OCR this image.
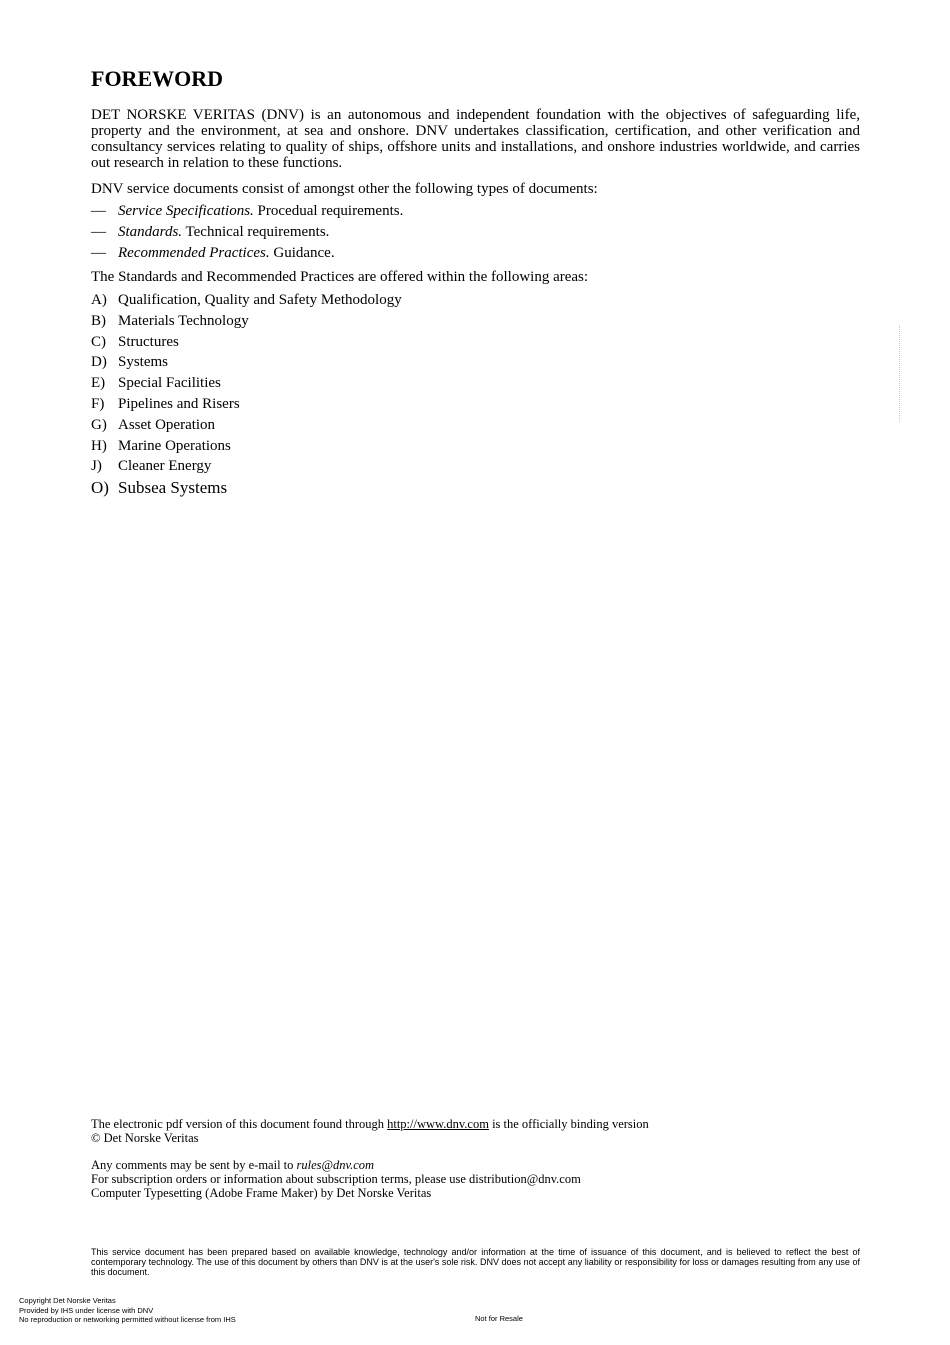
FOREWORD

DET NORSKE VERITAS (DNV) is an autonomous and independent foundation with the objectives of safeguarding life, property and the environment, at sea and onshore. DNV undertakes classification, certification, and other verification and consultancy services relating to quality of ships, offshore units and installations, and onshore industries worldwide, and carries out research in relation to these functions.

DNV service documents consist of amongst other the following types of documents:

— Service Specifications. Procedual requirements.
— Standards. Technical requirements.
— Recommended Practices. Guidance.

The Standards and Recommended Practices are offered within the following areas:

A) Qualification, Quality and Safety Methodology
B) Materials Technology
C) Structures
D) Systems
E) Special Facilities
F) Pipelines and Risers
G) Asset Operation
H) Marine Operations
J) Cleaner Energy
O) Subsea Systems

The electronic pdf version of this document found through http://www.dnv.com is the officially binding version

© Det Norske Veritas

Any comments may be sent by e-mail to rules@dnv.com

For subscription orders or information about subscription terms, please use distribution@dnv.com

Computer Typesetting (Adobe Frame Maker) by Det Norske Veritas

This service document has been prepared based on available knowledge, technology and/or information at the time of issuance of this document, and is believed to reflect the best of contemporary technology. The use of this document by others than DNV is at the user's sole risk. DNV does not accept any liability or responsibility for loss or damages resulting from any use of this document.

Copyright Det Norske Veritas
Provided by IHS under license with DNV
No reproduction or networking permitted without license from IHS	Not for Resale
